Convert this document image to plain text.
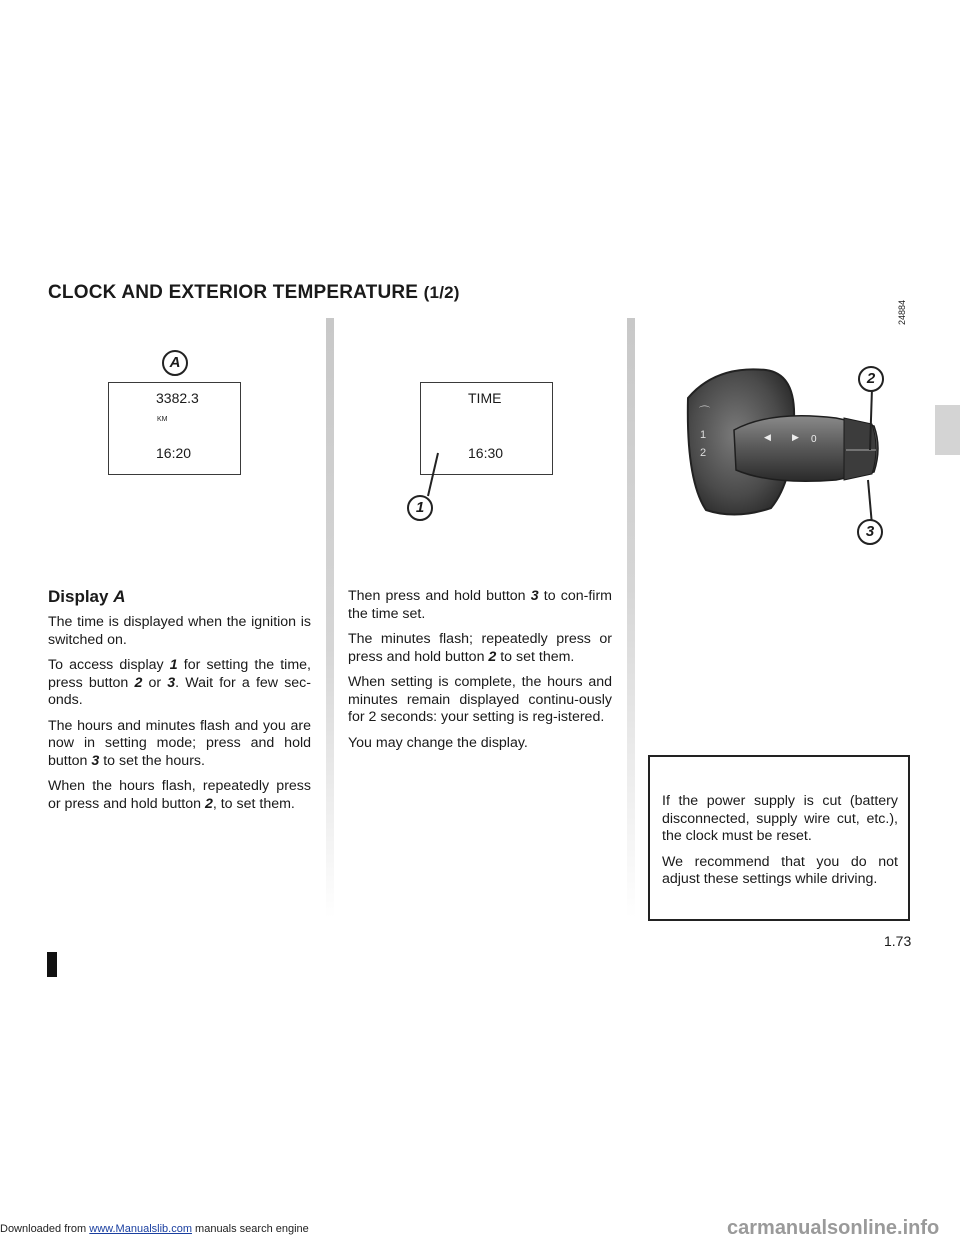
CLOCK AND EXTERIOR TEMPERATURE (1/2)
A
3382.3
KM
16:20
TIME
16:30
1
24884
⌒
1
2
0
◀ ▶
2
3
Display A

The time is displayed when the ignition is switched on.

To access display 1 for setting the time, press button 2 or 3. Wait for a few sec-onds.

The hours and minutes flash and you are now in setting mode; press and hold button 3 to set the hours.

When the hours flash, repeatedly press or press and hold button 2, to set them.

Then press and hold button 3 to con-firm the time set.

The minutes flash; repeatedly press or press and hold button 2 to set them.

When setting is complete, the hours and minutes remain displayed continu-ously for 2 seconds: your setting is reg-istered.

You may change the display.

If the power supply is cut (battery disconnected, supply wire cut, etc.), the clock must be reset.

We recommend that you do not adjust these settings while driving.

1.73
Downloaded from www.Manualslib.com manuals search engine	carmanualsonline.info
